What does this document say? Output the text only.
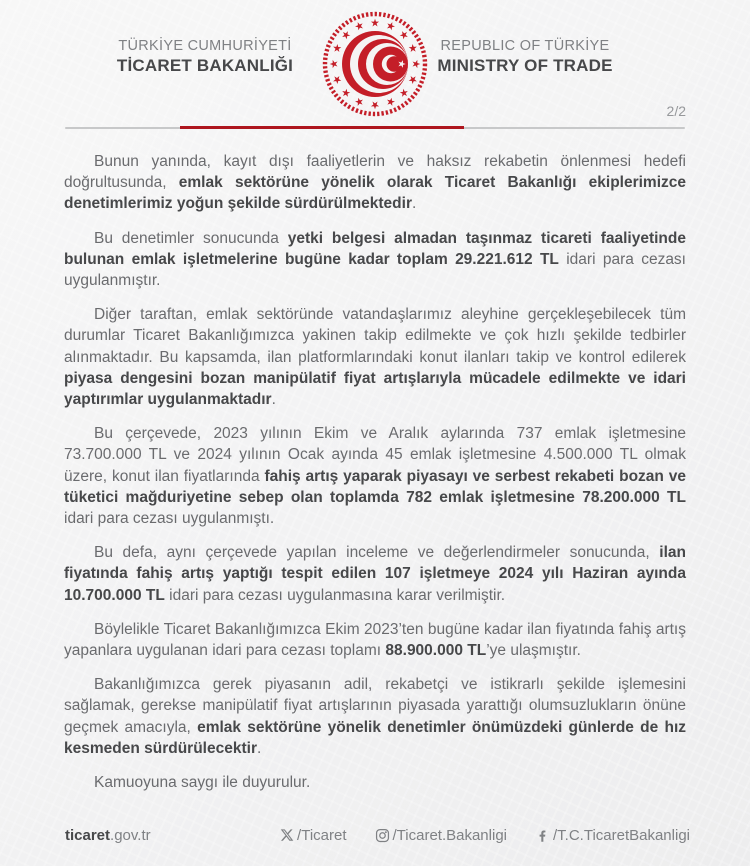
TÜRKİYE CUMHURİYETİ
TİCARET BAKANLIĞI
REPUBLIC OF TÜRKİYE
MINISTRY OF TRADE
2/2

Bunun yanında, kayıt dışı faaliyetlerin ve haksız rekabetin önlenmesi hedefi doğrultusunda, emlak sektörüne yönelik olarak Ticaret Bakanlığı ekiplerimizce denetimlerimiz yoğun şekilde sürdürülmektedir.

Bu denetimler sonucunda yetki belgesi almadan taşınmaz ticareti faaliyetinde bulunan emlak işletmelerine bugüne kadar toplam 29.221.612 TL idari para cezası uygulanmıştır.

Diğer taraftan, emlak sektöründe vatandaşlarımız aleyhine gerçekleşebilecek tüm durumlar Ticaret Bakanlığımızca yakinen takip edilmekte ve çok hızlı şekilde tedbirler alınmaktadır. Bu kapsamda, ilan platformlarındaki konut ilanları takip ve kontrol edilerek piyasa dengesini bozan manipülatif fiyat artışlarıyla mücadele edilmekte ve idari yaptırımlar uygulanmaktadır.

Bu çerçevede, 2023 yılının Ekim ve Aralık aylarında 737 emlak işletmesine 73.700.000 TL ve 2024 yılının Ocak ayında 45 emlak işletmesine 4.500.000 TL olmak üzere, konut ilan fiyatlarında fahiş artış yaparak piyasayı ve serbest rekabeti bozan ve tüketici mağduriyetine sebep olan toplamda 782 emlak işletmesine 78.200.000 TL idari para cezası uygulanmıştı.

Bu defa, aynı çerçevede yapılan inceleme ve değerlendirmeler sonucunda, ilan fiyatında fahiş artış yaptığı tespit edilen 107 işletmeye 2024 yılı Haziran ayında 10.700.000 TL idari para cezası uygulanmasına karar verilmiştir.

Böylelikle Ticaret Bakanlığımızca Ekim 2023’ten bugüne kadar ilan fiyatında fahiş artış yapanlara uygulanan idari para cezası toplamı 88.900.000 TL’ye ulaşmıştır.

Bakanlığımızca gerek piyasanın adil, rekabetçi ve istikrarlı şekilde işlemesini sağlamak, gerekse manipülatif fiyat artışlarının piyasada yarattığı olumsuzlukların önüne geçmek amacıyla, emlak sektörüne yönelik denetimler önümüzdeki günlerde de hız kesmeden sürdürülecektir.

Kamuoyuna saygı ile duyurulur.

ticaret.gov.tr	/Ticaret	/Ticaret.Bakanligi	/T.C.TicaretBakanligi
